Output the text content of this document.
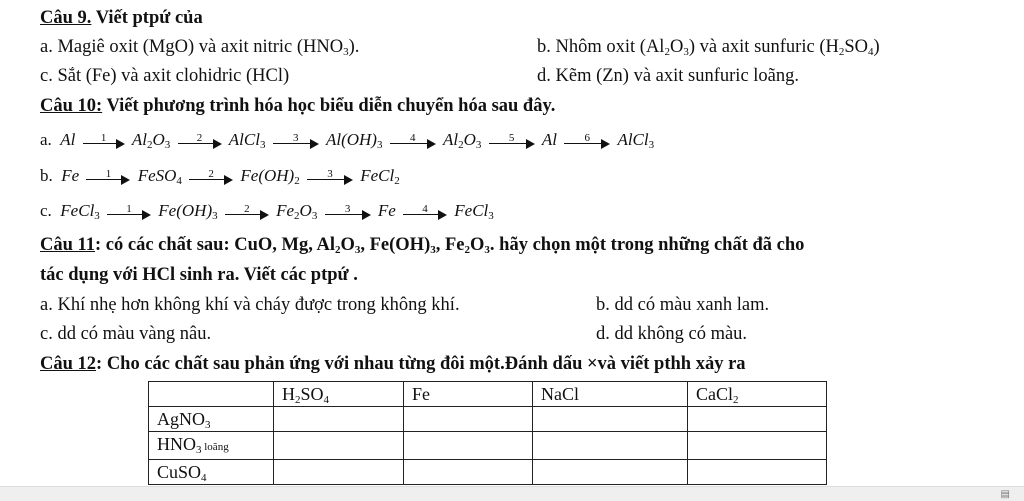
Câu 9. Viết ptpứ của
a. Magiê oxit (MgO) và axit nitric $(HNO_3)$.	b. Nhôm oxit $(Al_2O_3)$ và axit sunfuric $(H_2SO_4)$
c. Sắt (Fe) và axit clohidric (HCl)	d. Kẽm (Zn) và axit sunfuric loãng.
Câu 10: Viết phương trình hóa học biểu diễn chuyển hóa sau đây.
a. Al	1	$Al_2O_3$
2	AlCl$_3$
3	$Al(OH)_3$
4	$Al_2O_3$
5	Al	6	AlCl$_3$
b. Fe	1	FeSO$_4$
2	$Fe(OH)_2$
3	FeCl$_2$
c. FeCl$_3$
1	$Fe(OH)_3$
2	$Fe_2O_3$
3	Fe	4	FeCl$_3$
Câu 11: có các chất sau: CuO, Mg, $Al_2O_3$, $Fe(OH)_3$, $Fe_2O_3$. hãy chọn một trong những chất đã cho
tác dụng với HCl sinh ra. Viết các ptpứ .
a. Khí nhẹ hơn không khí và cháy được trong không khí.	b. dd có màu xanh lam.
c. dd có màu vàng nâu.	d. dd không có màu.
Câu 12: Cho các chất sau phản ứng với nhau từng đôi một.Đánh dấu ×và viết pthh xảy ra
	$H_2SO_4$	Fe	NaCl	CaCl$_2$
AgNO$_3$				
$HNO_3$ loãng				
CuSO$_4$				
▤
